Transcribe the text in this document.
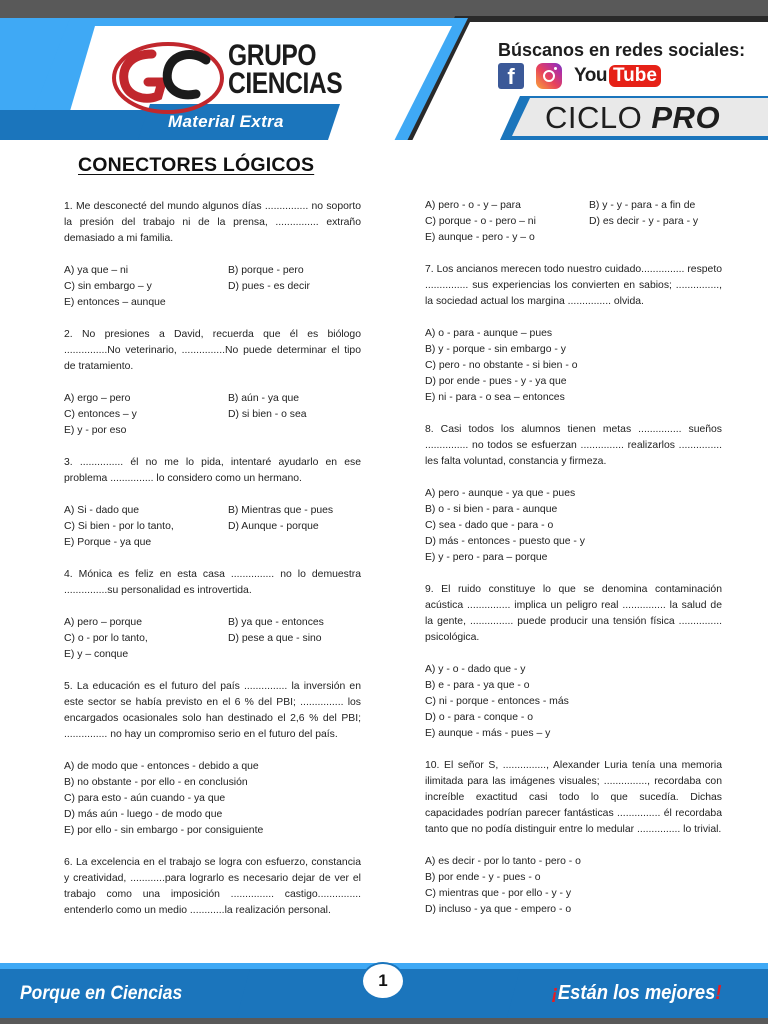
GRUPO
CIENCIAS
Material Extra
Búscanos en redes sociales:
f	You Tube
CICLO PRO
CONECTORES LÓGICOS
1. Me desconecté del mundo algunos días ............... no soporto la presión del trabajo ni de la prensa, ............... extraño demasiado a mi familia.
A) ya que – ni	B) porque - pero
C) sin embargo – y	D) pues - es decir
E) entonces – aunque
2. No presiones a David, recuerda que él es biólogo ...............No veterinario, ...............No puede determinar el tipo de tratamiento.
A) ergo – pero	B) aún - ya que
C) entonces – y	D) si bien - o sea
E) y - por eso
3. ............... él no me lo pida, intentaré ayudarlo en ese problema ............... lo considero como un hermano.
A) Si - dado que	B) Mientras que - pues
C) Si bien - por lo tanto,	D) Aunque - porque
E) Porque - ya que
4. Mónica es feliz en esta casa ............... no lo demuestra ...............su personalidad es introvertida.
A) pero – porque	B) ya que - entonces
C) o - por lo tanto,	D) pese a que - sino
E) y – conque
5. La educación es el futuro del país ............... la inversión en este sector se había previsto en el 6 % del PBI; ............... los encargados ocasionales solo han destinado el 2,6 % del PBI; ............... no hay un compromiso serio en el futuro del país.
A) de modo que - entonces - debido a que
B) no obstante - por ello - en conclusión
C) para esto - aún cuando - ya que
D) más aún - luego - de modo que
E) por ello - sin embargo - por consiguiente
6. La excelencia en el trabajo se logra con esfuerzo, constancia y creatividad, ............para lograrlo es necesario dejar de ver el trabajo como una imposición ............... castigo............... entenderlo como un medio ............la realización personal.
A) pero - o - y – para	B) y - y - para - a fin de
C) porque - o - pero – ni	D) es decir - y - para - y
E) aunque - pero - y – o
7. Los ancianos merecen todo nuestro cuidado............... respeto ............... sus experiencias los convierten en sabios; ..............., la sociedad actual los margina ............... olvida.
A) o - para - aunque – pues
B) y - porque - sin embargo - y
C) pero - no obstante - si bien - o
D) por ende - pues - y - ya que
E) ni - para - o sea – entonces
8. Casi todos los alumnos tienen metas ............... sueños ............... no todos se esfuerzan ............... realizarlos ............... les falta voluntad, constancia y firmeza.
A) pero - aunque - ya que - pues
B) o - si bien - para - aunque
C) sea - dado que - para - o
D) más - entonces - puesto que - y
E) y - pero - para – porque
9. El ruido constituye lo que se denomina contaminación acústica ............... implica un peligro real ............... la salud de la gente, ............... puede producir una tensión física ............... psicológica.
A) y - o - dado que - y
B) e - para - ya que - o
C) ni - porque - entonces - más
D) o - para - conque - o
E) aunque - más - pues – y
10. El señor S, ..............., Alexander Luria tenía una memoria ilimitada para las imágenes visuales; ..............., recordaba con increíble exactitud casi todo lo que sucedía. Dichas capacidades podrían parecer fantásticas ............... él recordaba tanto que no podía distinguir entre lo medular ............... lo trivial.
A) es decir - por lo tanto - pero - o
B) por ende - y - pues - o
C) mientras que - por ello - y - y
D) incluso - ya que - empero - o
Porque en Ciencias	¡Están los mejores!
1
